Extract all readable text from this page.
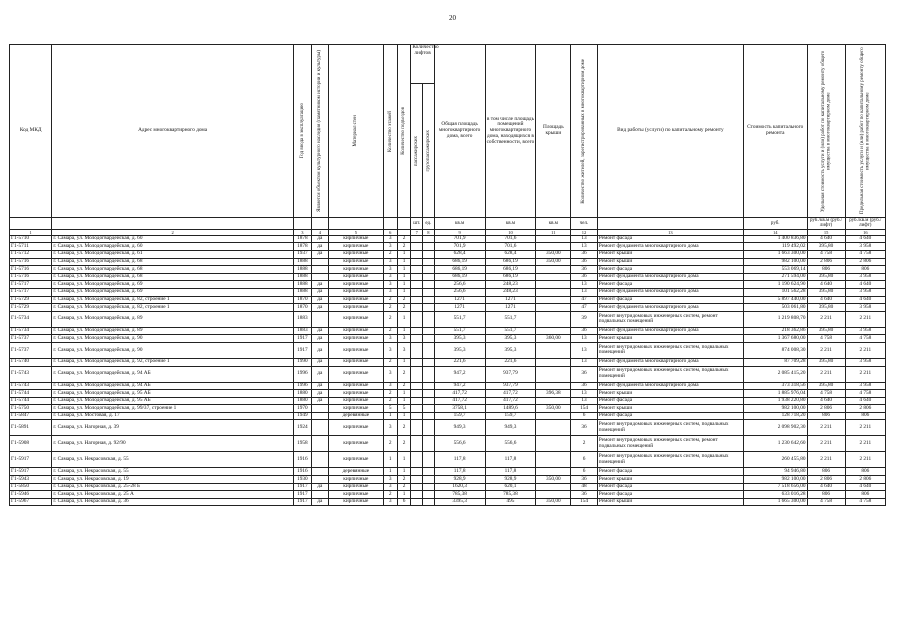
20
Код МКД	Адрес многоквартирного дома	Год ввода в эксплуатацию	Является объектом культурного наследия (памятником истории и культуры)	Материал стен	Количество этажей	Количество подъездов	Количество лифтов		Общая площадь многоквартирного дома, всего	в том числе площадь помещений многоквартирного дома, находящихся в собственности, всего	Площадь крыши	Количество жителей, зарегистрированных в многоквартирном доме	Вид работы (услуги) по капитальному ремонту	Стоимость капитального ремонта	Удельная стоимость услуги и (или) работ по капитальному ремонту общего имущества в многоквартирном доме	Предельная стоимость услуги и (или) работ по капитальному ремонту общего имущества в многоквартирном доме

							пассажирских	грузопассажирских								

							шт.	ед.	кв.м	кв.м	кв.м	чел.		руб.	руб./кв.м (руб./лифт)	руб./кв.м (руб./лифт)
1	2	3	4	5	6		7	8	9	10	11	12	13	14	15	16
Г1-5710	г. Самара, ул. Молодогвардейская, д. 60	1878	да	кирпичные	3	2			701,9	701,6		13	Ремонт фасада	1 400 836,80	4 640	4 640
Г1-5711	г. Самара, ул. Молодогвардейская, д. 60	1878	да	кирпичные	3	2			701,9	701,6		13	Ремонт фундамента многоквартирного дома	119 492,02	395,80	3 958
Г1-5712	г. Самара, ул. Молодогвардейская, д. 61	1937	да	кирпичные	2	1			628,4	628,4	350,00	36	Ремонт крыши	1 663 300,00	4 758	4 758
Г1-5716	г. Самара, ул. Молодогвардейская, д. 68	1888		кирпичные	3	1			686,19	686,19	350,00	36	Ремонт крыши	982 100,00	2 806	2 806
Г1-5716	г. Самара, ул. Молодогвардейская, д. 68	1888		кирпичные	3	1			686,19	686,19		36	Ремонт фасада	553 069,14	806	806
Г1-5716	г. Самара, ул. Молодогвардейская, д. 68	1888		кирпичные	3	1			686,19	686,19		36	Ремонт фундамента многоквартирного дома	271 594,00	395,80	3 958
Г1-5717	г. Самара, ул. Молодогвардейская, д. 69	1888	да	кирпичные	3	1			256,6	248,23		13	Ремонт фасада	1 190 624,90	4 640	4 640
Г1-5717	г. Самара, ул. Молодогвардейская, д. 69	1888	да	кирпичные	3	1			256,6	248,23		13	Ремонт фундамента многоквартирного дома	101 562,28	395,80	3 958
Г1-5729	г. Самара, ул. Молодогвардейская, д. 82, строение 1	1870	да	кирпичные	2	2			1271	1271		47	Ремонт фасада	5 897 440,00	4 640	4 640
Г1-5729	г. Самара, ул. Молодогвардейская, д. 82, строение 1	1870	да	кирпичные	2	2			1271	1271		47	Ремонт фундамента многоквартирного дома	503 061,80	395,80	3 958
Г1-5734	г. Самара, ул. Молодогвардейская, д. 89	1883		кирпичные	2	1			551,7	551,7		39	Ремонт внутридомовых инженерных систем, ремонт подвальных помещений	1 219 808,70	2 211	2 211
Г1-5734	г. Самара, ул. Молодогвардейская, д. 89	1883	да	кирпичные	2	1			551,7	551,7		36	Ремонт фундамента многоквартирного дома	218 362,86	395,80	3 958
Г1-5737	г. Самара, ул. Молодогвардейская, д. 90	1917	да	кирпичные	3	3			395,3	395,3	360,00	13	Ремонт крыши	1 367 680,00	4 758	4 758
Г1-5737	г. Самара, ул. Молодогвардейская, д. 90	1917	да	кирпичные	3	3			395,3	395,3		13	Ремонт внутридомовых инженерных систем, подвальных помещений	874 008,30	2 211	2 211
Г1-5740	г. Самара, ул. Молодогвардейская, д. 92, строение 1	1990	да	кирпичные	2	1			221,6	221,6		13	Ремонт фундамента многоквартирного дома	87 709,28	395,80	3 958
Г1-5743	г. Самара, ул. Молодогвардейская, д. 94 АБ	1996	да	кирпичные	3	2			947,2	937,79		36	Ремонт внутридомовых инженерных систем, подвальных помещений	2 085 415,20	2 211	2 211
Г1-5743	г. Самара, ул. Молодогвардейская, д. 94 АБ	1996	да	кирпичные	3	2			947,2	937,79		36	Ремонт фундамента многоквартирного дома	373 318,56	395,80	3 958
Г1-5744	г. Самара, ул. Молодогвардейская, д. 95 АБ	1880	да	кирпичные	2	1			417,72	417,72	396,38	13	Ремонт крыши	1 885 976,04	4 758	4 758
Г1-5744	г. Самара, ул. Молодогвардейская, д. 95 АБ	1880	да	кирпичные	2	1			417,72	417,72		13	Ремонт фасада	1 938 220,80	4 640	4 640
Г1-5750	г. Самара, ул. Молодогвардейская, д. 99/37, строение 1	1970		кирпичные	5	5			3758,1	1489,6	350,00	154	Ремонт крыши	982 100,00	2 806	2 806
Г1-5847	г. Самара, ул. Мостовая, д. 17	1949		деревянные	1	1			159,7	159,7		6	Ремонт фасада	128 718,20	806	806
Г1-5891	г. Самара, ул. Нагорная, д. 39	1924		кирпичные	3	2			949,3	949,3		36	Ремонт внутридомовых инженерных систем, подвальных помещений	2 098 902,30	2 211	2 211
Г1-5908	г. Самара, ул. Нагорная, д. 92/90	1958		кирпичные	2	2			556,6	556,6		2	Ремонт внутридомовых инженерных систем, ремонт подвальных помещений	1 230 642,60	2 211	2 211
Г1-5917	г. Самара, ул. Некрасовская, д. 55	1916		кирпичные	1	1			117,8	117,8		6	Ремонт внутридомовых инженерных систем, подвальных помещений	260 455,80	2 211	2 211
Г1-5917	г. Самара, ул. Некрасовская, д. 55	1916		деревянные	1	1			117,8	117,8		6	Ремонт фасада	94 946,80	806	806
Г1-5943	г. Самара, ул. Некрасовская, д. 19	1930		кирпичные	3	2			928,9	928,9	350,00	36	Ремонт крыши	982 100,00	2 806	2 806
Г1-5850	г. Самара, ул. Некрасовская, д. 25-28 Б	1917	да	кирпичные	3	2			1620,3	620,1		48	Ремонт фасада	7 518 656,00	4 640	4 640
Г1-5946	г. Самара, ул. Некрасовская, д. 25 А	1917		кирпичные	2	1			785,38	785,38		36	Ремонт фасада	633 016,28	806	806
Г1-5967	г. Самара, ул. Некрасовская, д. 36	1917	да	кирпичные	3	6			3395,3	495	350,00	154	Ремонт крыши	1 665 300,00	4 758	4 758
